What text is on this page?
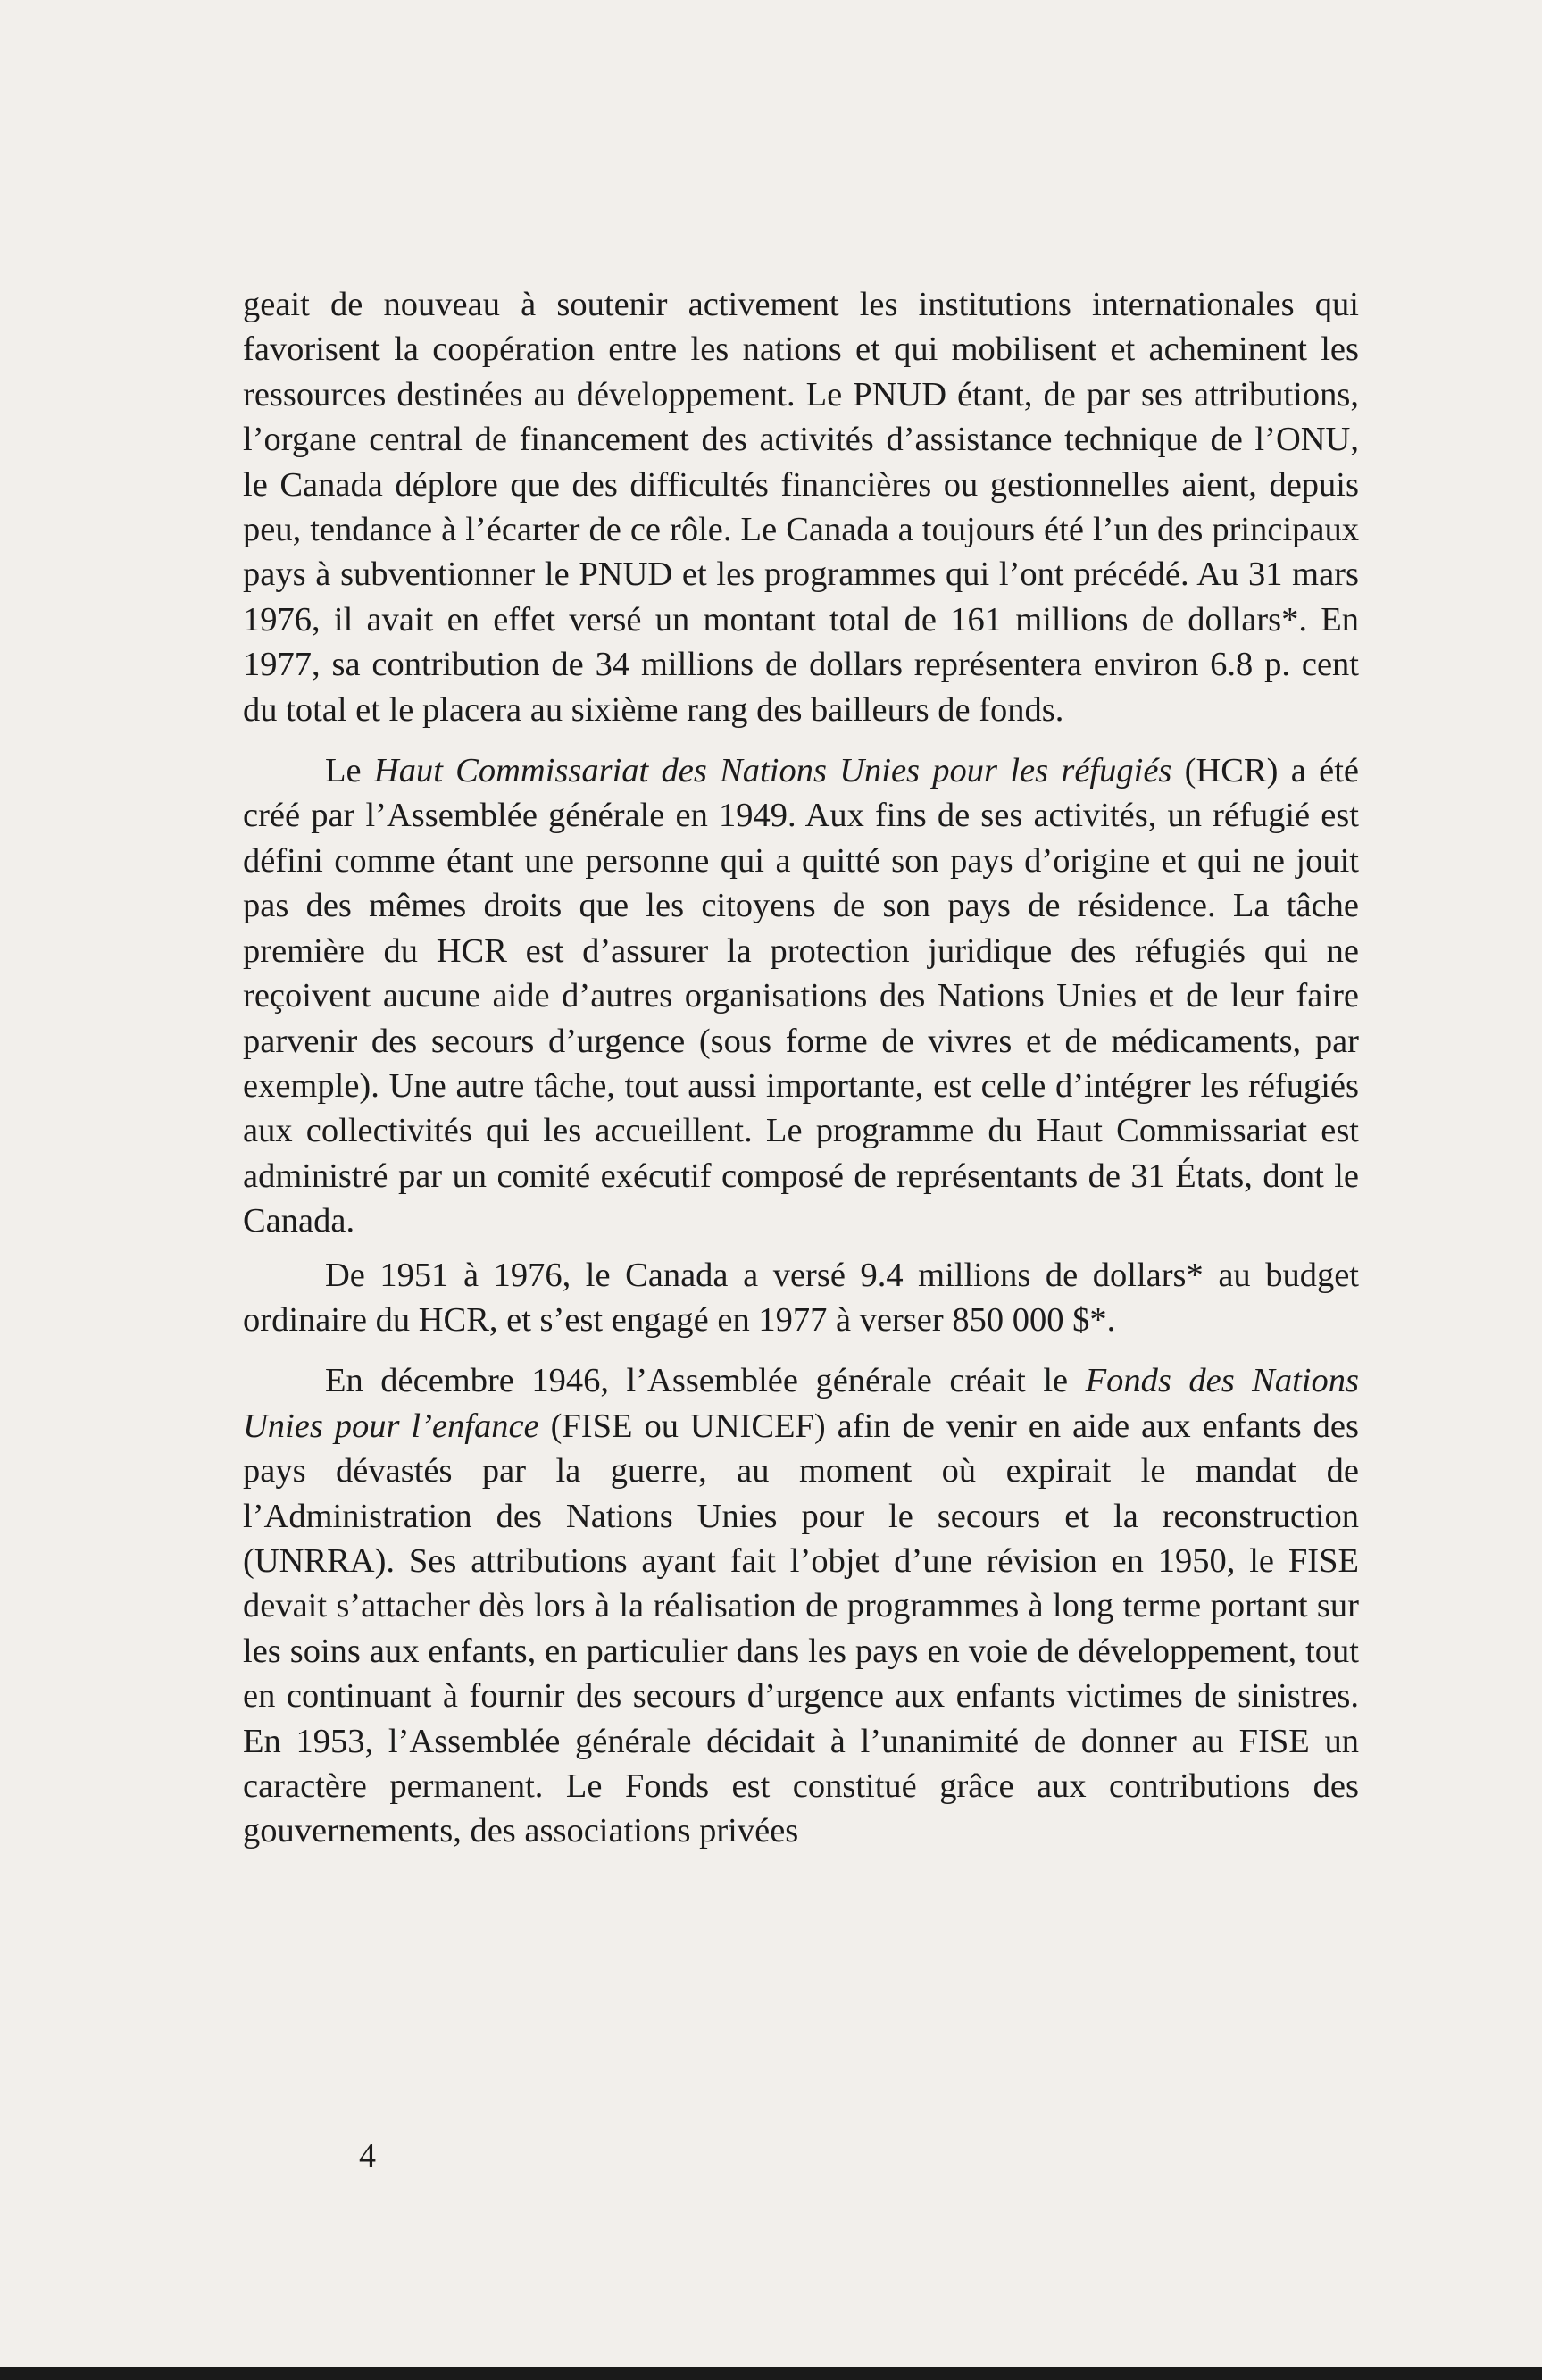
geait de nouveau à soutenir activement les institutions internationales qui favorisent la coopération entre les nations et qui mobilisent et acheminent les ressources destinées au développement. Le PNUD étant, de par ses attributions, l’organe central de financement des activités d’assistance technique de l’ONU, le Canada déplore que des difficultés financières ou gestionnelles aient, depuis peu, tendance à l’écarter de ce rôle. Le Canada a toujours été l’un des principaux pays à subventionner le PNUD et les programmes qui l’ont précédé. Au 31 mars 1976, il avait en effet versé un montant total de 161 millions de dollars*. En 1977, sa contribution de 34 millions de dollars représentera environ 6.8 p. cent du total et le placera au sixième rang des bailleurs de fonds.

Le Haut Commissariat des Nations Unies pour les réfugiés (HCR) a été créé par l’Assemblée générale en 1949. Aux fins de ses activités, un réfugié est défini comme étant une personne qui a quitté son pays d’origine et qui ne jouit pas des mêmes droits que les citoyens de son pays de résidence. La tâche première du HCR est d’assurer la protection juridique des réfugiés qui ne reçoivent aucune aide d’autres organisations des Nations Unies et de leur faire parvenir des secours d’urgence (sous forme de vivres et de médicaments, par exemple). Une autre tâche, tout aussi importante, est celle d’intégrer les réfugiés aux collectivités qui les accueillent. Le programme du Haut Commissariat est administré par un comité exécutif composé de représentants de 31 États, dont le Canada.

De 1951 à 1976, le Canada a versé 9.4 millions de dollars* au budget ordinaire du HCR, et s’est engagé en 1977 à verser 850 000 $*.

En décembre 1946, l’Assemblée générale créait le Fonds des Nations Unies pour l’enfance (FISE ou UNICEF) afin de venir en aide aux enfants des pays dévastés par la guerre, au moment où expirait le mandat de l’Administration des Nations Unies pour le secours et la reconstruction (UNRRA). Ses attributions ayant fait l’objet d’une révision en 1950, le FISE devait s’attacher dès lors à la réalisation de programmes à long terme portant sur les soins aux enfants, en particulier dans les pays en voie de développement, tout en continuant à fournir des secours d’urgence aux enfants victimes de sinistres. En 1953, l’Assemblée générale décidait à l’unanimité de donner au FISE un caractère permanent. Le Fonds est constitué grâce aux contributions des gouvernements, des associations privées

4
